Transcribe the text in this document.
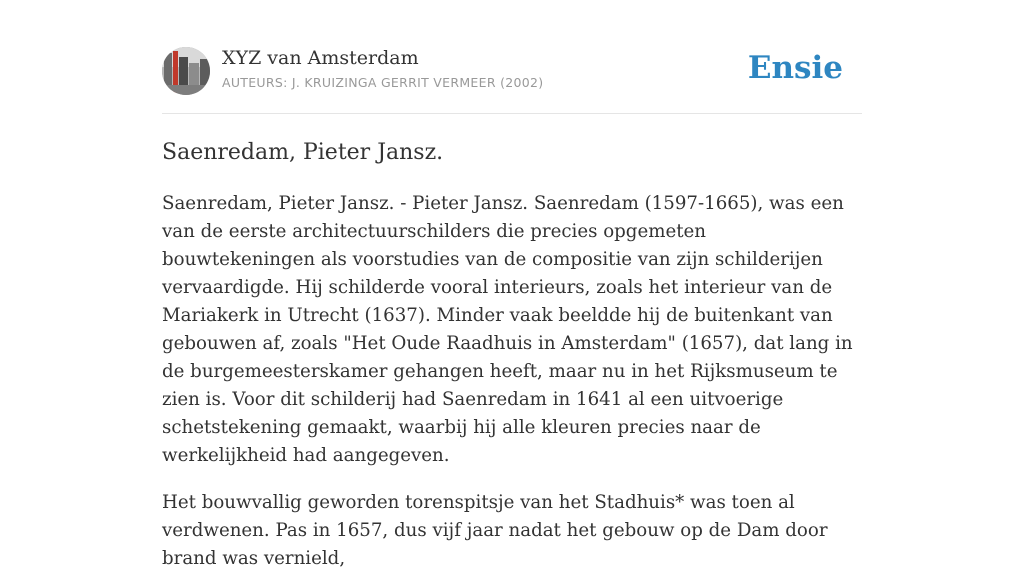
XYZ van Amsterdam
AUTEURS: J. KRUIZINGA GERRIT VERMEER (2002)	Ensie
Saenredam, Pieter Jansz.

Saenredam, Pieter Jansz. - Pieter Jansz. Saenredam (1597-1665), was een van de eerste architectuurschilders die precies opgemeten bouwtekeningen als voorstudies van de compositie van zijn schilderijen vervaardigde. Hij schilderde vooral interieurs, zoals het interieur van de Mariakerk in Utrecht (1637). Minder vaak beeldde hij de buitenkant van gebouwen af, zoals "Het Oude Raadhuis in Amsterdam" (1657), dat lang in de burgemeesterskamer gehangen heeft, maar nu in het Rijksmuseum te zien is. Voor dit schilderij had Saenredam in 1641 al een uitvoerige schetstekening gemaakt, waarbij hij alle kleuren precies naar de werkelijkheid had aangegeven.

Het bouwvallig geworden torenspitsje van het Stadhuis* was toen al verdwenen. Pas in 1657, dus vijf jaar nadat het gebouw op de Dam door brand was vernield,
